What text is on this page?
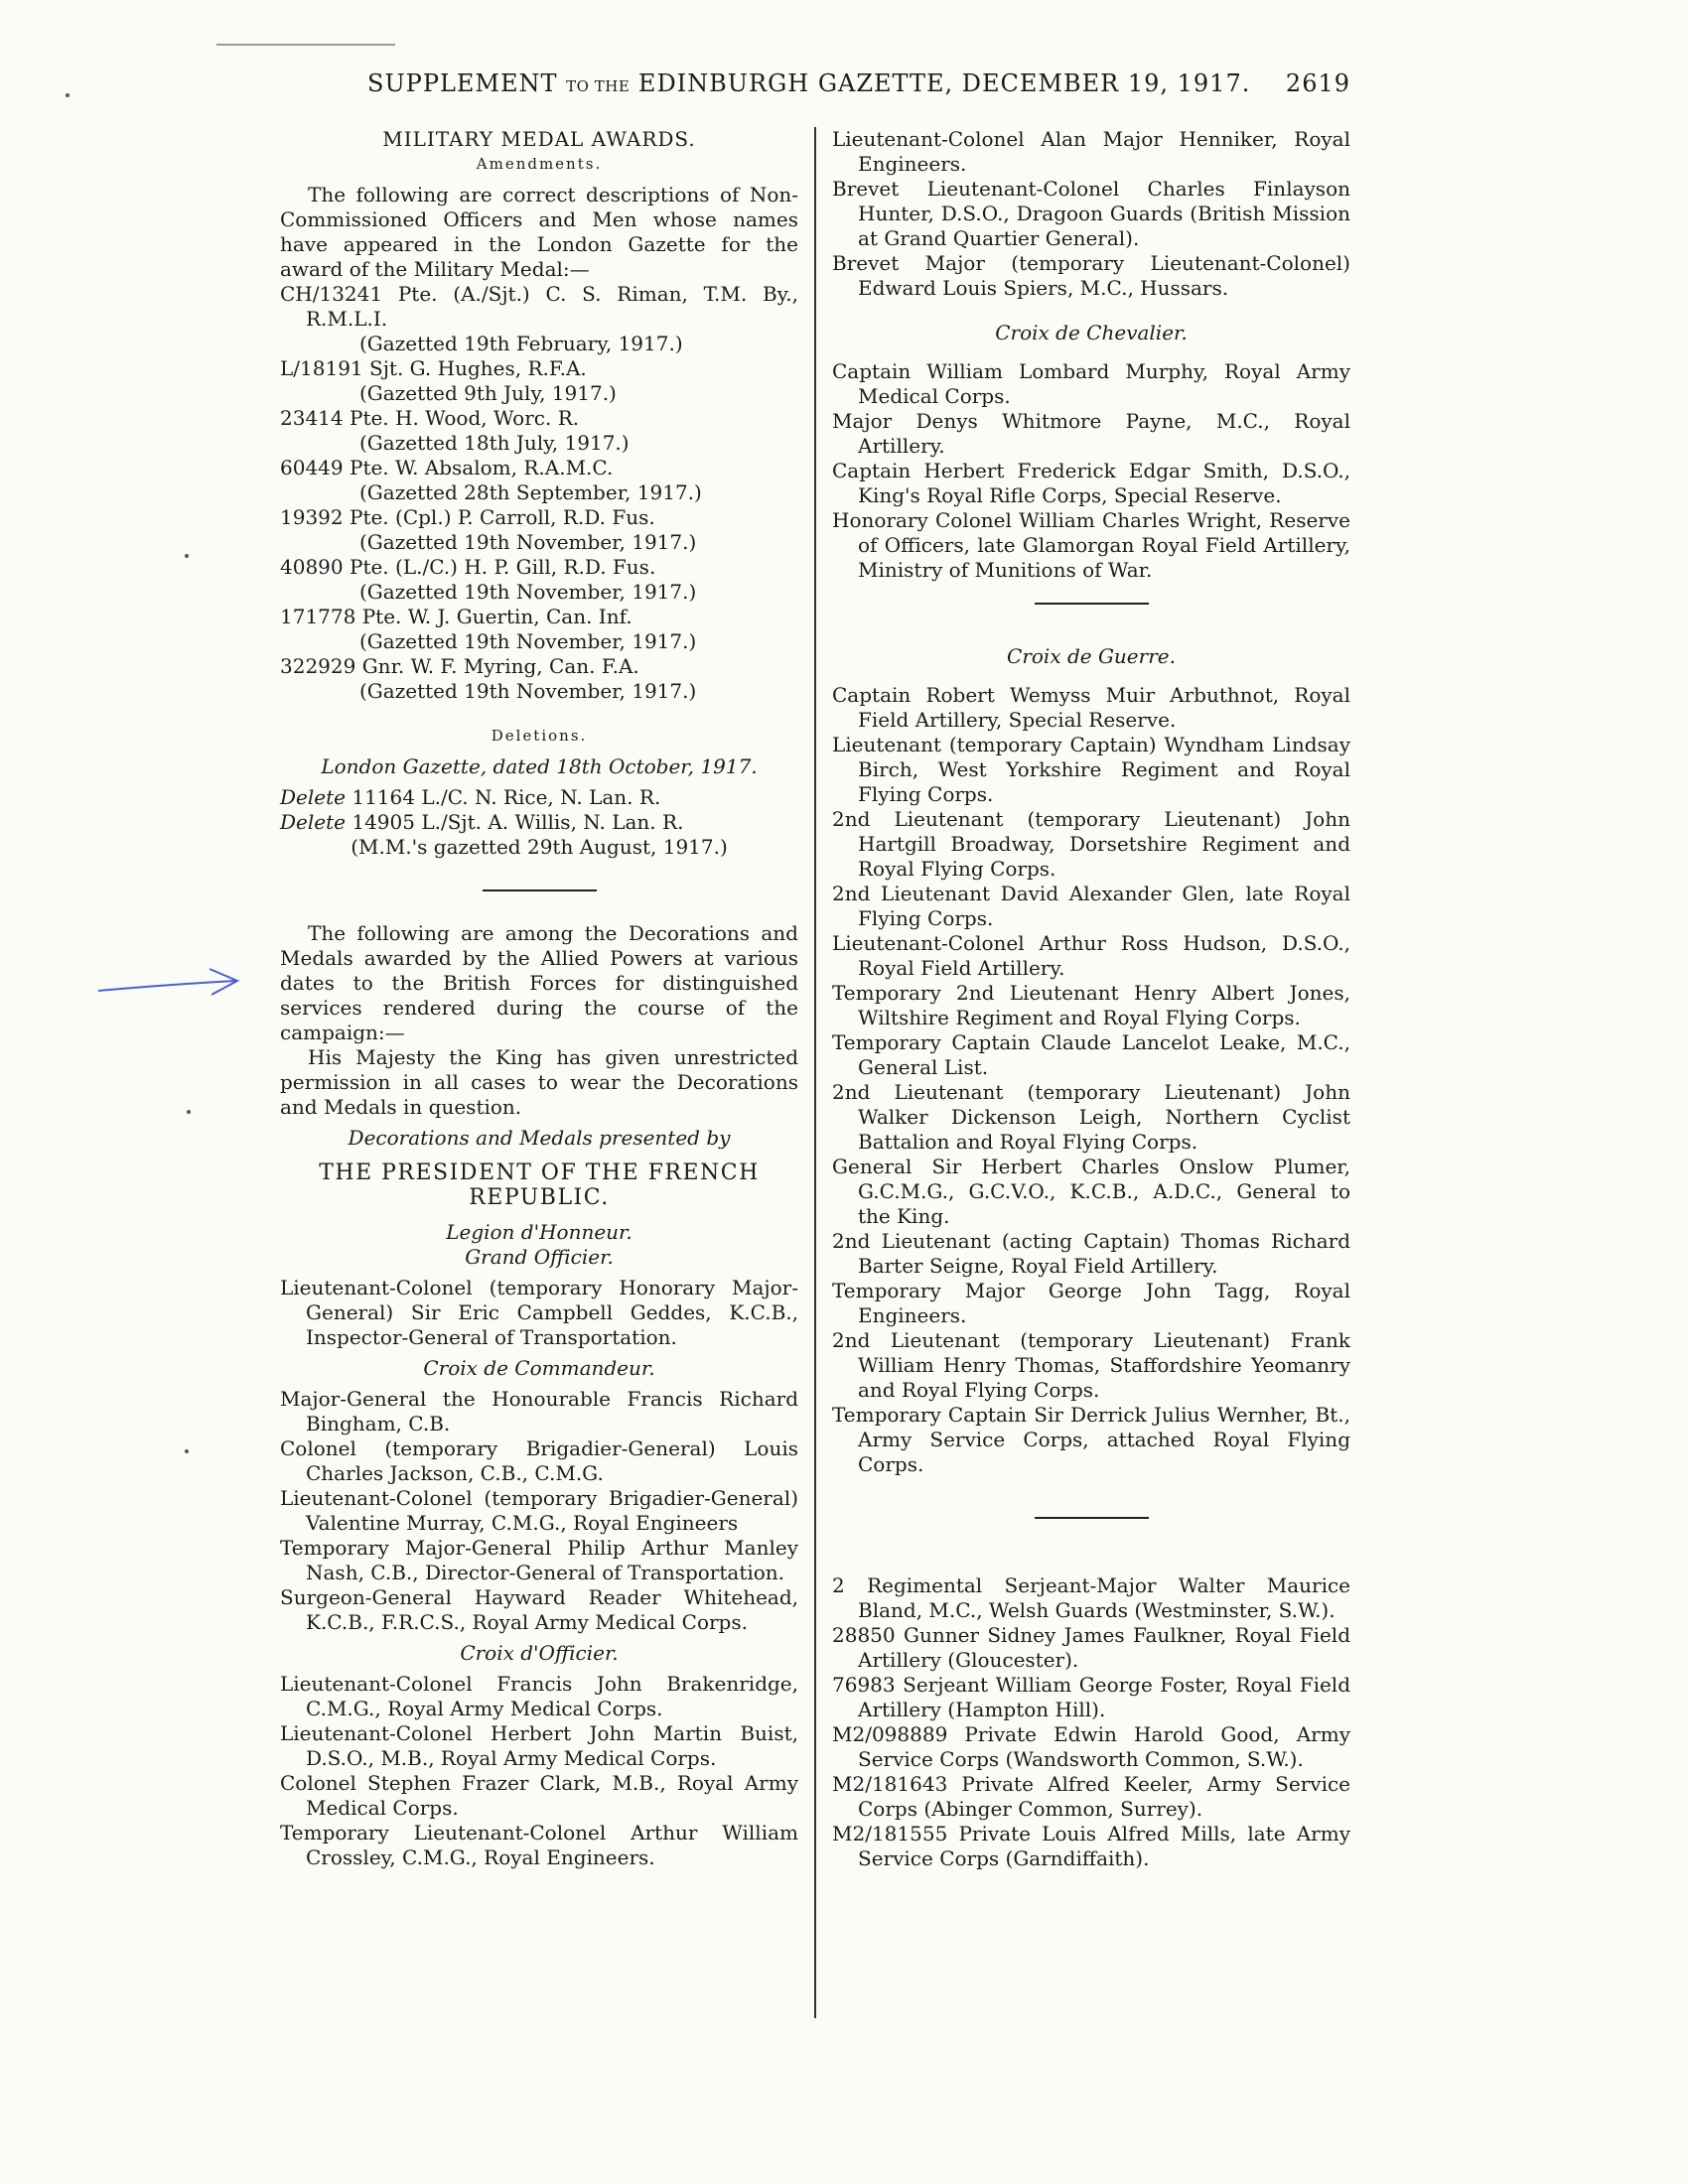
SUPPLEMENT TO THE EDINBURGH GAZETTE, DECEMBER 19, 1917. 2619
MILITARY MEDAL AWARDS.
Amendments.
The following are correct descriptions of Non-Commissioned Officers and Men whose names have appeared in the London Gazette for the award of the Military Medal:—
CH/13241 Pte. (A./Sjt.) C. S. Riman, T.M. By., R.M.L.I.
(Gazetted 19th February, 1917.)
L/18191 Sjt. G. Hughes, R.F.A.
(Gazetted 9th July, 1917.)
23414 Pte. H. Wood, Worc. R.
(Gazetted 18th July, 1917.)
60449 Pte. W. Absalom, R.A.M.C.
(Gazetted 28th September, 1917.)
19392 Pte. (Cpl.) P. Carroll, R.D. Fus.
(Gazetted 19th November, 1917.)
40890 Pte. (L./C.) H. P. Gill, R.D. Fus.
(Gazetted 19th November, 1917.)
171778 Pte. W. J. Guertin, Can. Inf.
(Gazetted 19th November, 1917.)
322929 Gnr. W. F. Myring, Can. F.A.
(Gazetted 19th November, 1917.)
Deletions.
London Gazette, dated 18th October, 1917.
Delete 11164 L./C. N. Rice, N. Lan. R.
Delete 14905 L./Sjt. A. Willis, N. Lan. R.
(M.M.'s gazetted 29th August, 1917.)
The following are among the Decorations and Medals awarded by the Allied Powers at various dates to the British Forces for distinguished services rendered during the course of the campaign:—
His Majesty the King has given unrestricted permission in all cases to wear the Decorations and Medals in question.
Decorations and Medals presented by
THE PRESIDENT OF THE FRENCH REPUBLIC.
Legion d'Honneur.
Grand Officier.
Lieutenant-Colonel (temporary Honorary Major-General) Sir Eric Campbell Geddes, K.C.B., Inspector-General of Transportation.
Croix de Commandeur.
Major-General the Honourable Francis Richard Bingham, C.B.
Colonel (temporary Brigadier-General) Louis Charles Jackson, C.B., C.M.G.
Lieutenant-Colonel (temporary Brigadier-General) Valentine Murray, C.M.G., Royal Engineers
Temporary Major-General Philip Arthur Manley Nash, C.B., Director-General of Transportation.
Surgeon-General Hayward Reader Whitehead, K.C.B., F.R.C.S., Royal Army Medical Corps.
Croix d'Officier.
Lieutenant-Colonel Francis John Brakenridge, C.M.G., Royal Army Medical Corps.
Lieutenant-Colonel Herbert John Martin Buist, D.S.O., M.B., Royal Army Medical Corps.
Colonel Stephen Frazer Clark, M.B., Royal Army Medical Corps.
Temporary Lieutenant-Colonel Arthur William Crossley, C.M.G., Royal Engineers.
Lieutenant-Colonel Alan Major Henniker, Royal Engineers.
Brevet Lieutenant-Colonel Charles Finlayson Hunter, D.S.O., Dragoon Guards (British Mission at Grand Quartier General).
Brevet Major (temporary Lieutenant-Colonel) Edward Louis Spiers, M.C., Hussars.
Croix de Chevalier.
Captain William Lombard Murphy, Royal Army Medical Corps.
Major Denys Whitmore Payne, M.C., Royal Artillery.
Captain Herbert Frederick Edgar Smith, D.S.O., King's Royal Rifle Corps, Special Reserve.
Honorary Colonel William Charles Wright, Reserve of Officers, late Glamorgan Royal Field Artillery, Ministry of Munitions of War.
Croix de Guerre.
Captain Robert Wemyss Muir Arbuthnot, Royal Field Artillery, Special Reserve.
Lieutenant (temporary Captain) Wyndham Lindsay Birch, West Yorkshire Regiment and Royal Flying Corps.
2nd Lieutenant (temporary Lieutenant) John Hartgill Broadway, Dorsetshire Regiment and Royal Flying Corps.
2nd Lieutenant David Alexander Glen, late Royal Flying Corps.
Lieutenant-Colonel Arthur Ross Hudson, D.S.O., Royal Field Artillery.
Temporary 2nd Lieutenant Henry Albert Jones, Wiltshire Regiment and Royal Flying Corps.
Temporary Captain Claude Lancelot Leake, M.C., General List.
2nd Lieutenant (temporary Lieutenant) John Walker Dickenson Leigh, Northern Cyclist Battalion and Royal Flying Corps.
General Sir Herbert Charles Onslow Plumer, G.C.M.G., G.C.V.O., K.C.B., A.D.C., General to the King.
2nd Lieutenant (acting Captain) Thomas Richard Barter Seigne, Royal Field Artillery.
Temporary Major George John Tagg, Royal Engineers.
2nd Lieutenant (temporary Lieutenant) Frank William Henry Thomas, Staffordshire Yeomanry and Royal Flying Corps.
Temporary Captain Sir Derrick Julius Wernher, Bt., Army Service Corps, attached Royal Flying Corps.
2 Regimental Serjeant-Major Walter Maurice Bland, M.C., Welsh Guards (Westminster, S.W.).
28850 Gunner Sidney James Faulkner, Royal Field Artillery (Gloucester).
76983 Serjeant William George Foster, Royal Field Artillery (Hampton Hill).
M2/098889 Private Edwin Harold Good, Army Service Corps (Wandsworth Common, S.W.).
M2/181643 Private Alfred Keeler, Army Service Corps (Abinger Common, Surrey).
M2/181555 Private Louis Alfred Mills, late Army Service Corps (Garndiffaith).
